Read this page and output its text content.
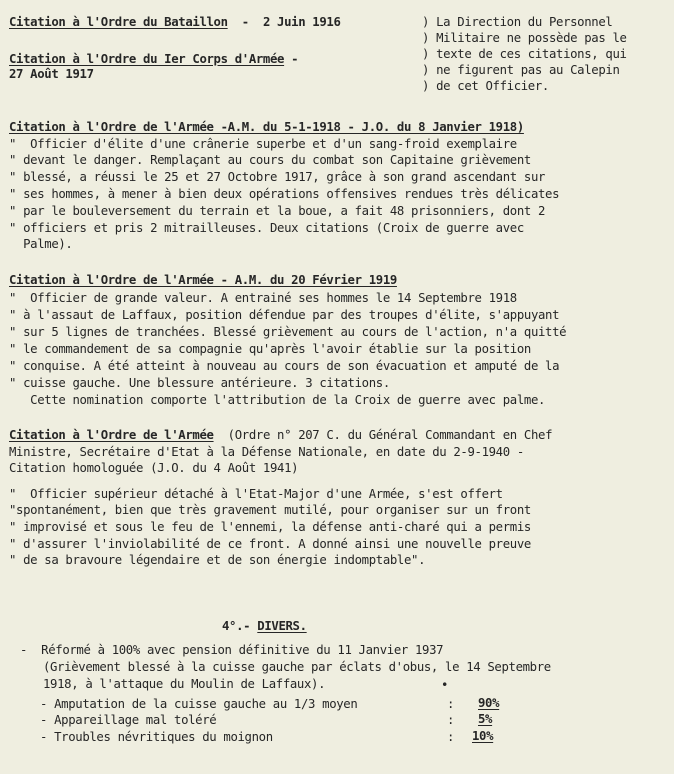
Citation à l'Ordre du Bataillon - 2 Juin 1916
Citation à l'Ordre du Ier Corps d'Armée -
27 Août 1917
) La Direction du Personnel
) Militaire ne possède pas le
) texte de ces citations, qui
) ne figurent pas au Calepin
) de cet Officier.
Citation à l'Ordre de l'Armée -A.M. du 5-1-1918 - J.O. du 8 Janvier 1918)
"  Officier d'élite d'une crânerie superbe et d'un sang-froid exemplaire
" devant le danger. Remplaçant au cours du combat son Capitaine grièvement
" blessé, a réussi le 25 et 27 Octobre 1917, grâce à son grand ascendant sur
" ses hommes, à mener à bien deux opérations offensives rendues très délicates
" par le bouleversement du terrain et la boue, a fait 48 prisonniers, dont 2
" officiers et pris 2 mitrailleuses. Deux citations (Croix de guerre avec
Palme).
Citation à l'Ordre de l'Armée - A.M. du 20 Février 1919
"  Officier de grande valeur. A entrainé ses hommes le 14 Septembre 1918
" à l'assaut de Laffaux, position défendue par des troupes d'élite, s'appuyant
" sur 5 lignes de tranchées. Blessé grièvement au cours de l'action, n'a quitté
" le commandement de sa compagnie qu'après l'avoir établie sur la position
" conquise. A été atteint à nouveau au cours de son évacuation et amputé de la
" cuisse gauche. Une blessure antérieure. 3 citations.
Cette nomination comporte l'attribution de la Croix de guerre avec palme.
Citation à l'Ordre de l'Armée (Ordre n° 207 C. du Général Commandant en Chef
Ministre, Secrétaire d'Etat à la Défense Nationale, en date du 2-9-1940 -
Citation homologuée (J.O. du 4 Août 1941)
"  Officier supérieur détaché à l'Etat-Major d'une Armée, s'est offert
"spontanément, bien que très gravement mutilé, pour organiser sur un front
" improvisé et sous le feu de l'ennemi, la défense anti-charé qui a permis
" d'assurer l'inviolabilité de ce front. A donné ainsi une nouvelle preuve
" de sa bravoure légendaire et de son énergie indomptable".
4°.- DIVERS.
-  Réformé à 100% avec pension définitive du 11 Janvier 1937
(Grièvement blessé à la cuisse gauche par éclats d'obus, le 14 Septembre
1918, à l'attaque du Moulin de Laffaux).	•
- Amputation de la cuisse gauche au 1/3 moyen	: 90%
- Appareillage mal toléré	: 5%
- Troubles névritiques du moignon	: 10%
